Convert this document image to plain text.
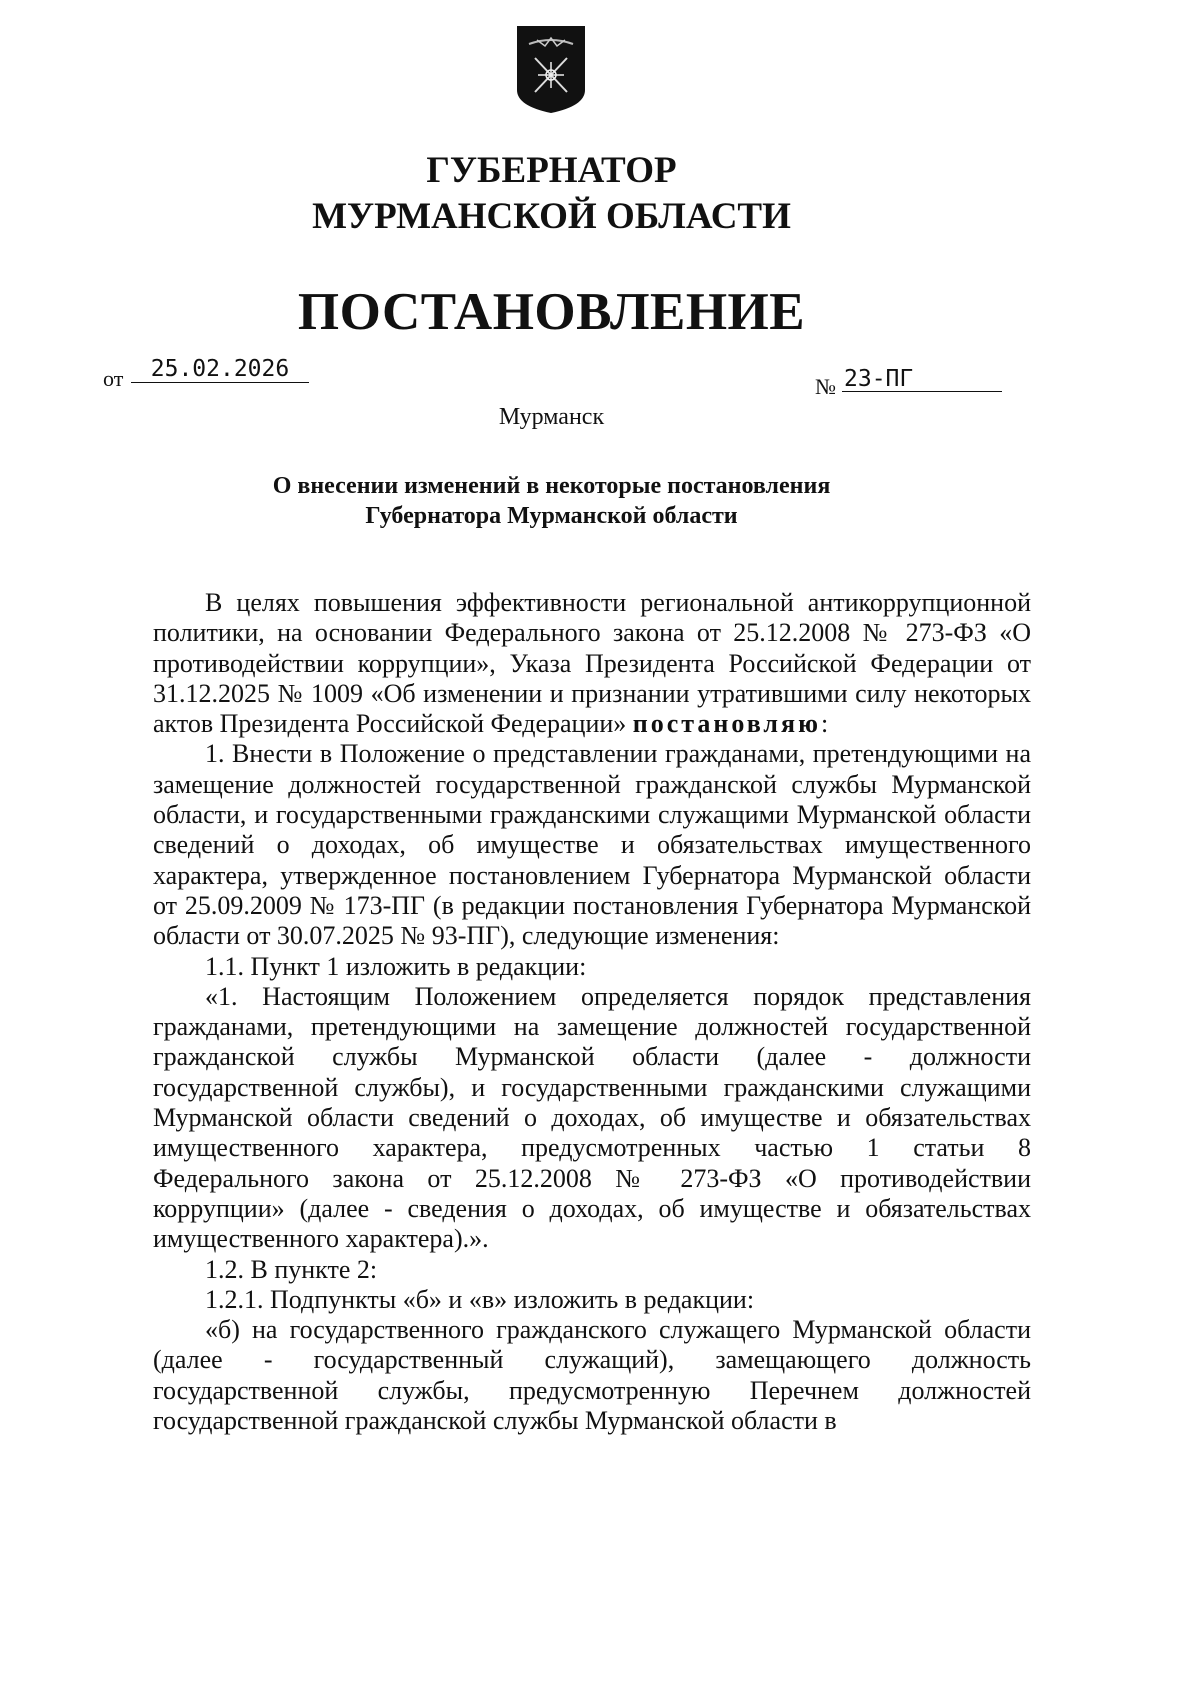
ГУБЕРНАТОР
МУРМАНСКОЙ ОБЛАСТИ
ПОСТАНОВЛЕНИЕ
от	25.02.2026
№ 23-ПГ
Мурманск
О внесении изменений в некоторые постановления
Губернатора Мурманской области

В целях повышения эффективности региональной антикоррупционной политики, на основании Федерального закона от 25.12.2008 № 273-ФЗ «О противодействии коррупции», Указа Президента Российской Федерации от 31.12.2025 № 1009 «Об изменении и признании утратившими силу некоторых актов Президента Российской Федерации» постановляю:

1. Внести в Положение о представлении гражданами, претендующими на замещение должностей государственной гражданской службы Мурманской области, и государственными гражданскими служащими Мурманской области сведений о доходах, об имуществе и обязательствах имущественного характера, утвержденное постановлением Губернатора Мурманской области от 25.09.2009 № 173-ПГ (в редакции постановления Губернатора Мурманской области от 30.07.2025 № 93-ПГ), следующие изменения:

1.1. Пункт 1 изложить в редакции:

«1. Настоящим Положением определяется порядок представления гражданами, претендующими на замещение должностей государственной гражданской службы Мурманской области (далее - должности государственной службы), и государственными гражданскими служащими Мурманской области сведений о доходах, об имуществе и обязательствах имущественного характера, предусмотренных частью 1 статьи 8 Федерального закона от 25.12.2008 № 273-ФЗ «О противодействии коррупции» (далее - сведения о доходах, об имуществе и обязательствах имущественного характера).».

1.2. В пункте 2:

1.2.1. Подпункты «б» и «в» изложить в редакции:

«б) на государственного гражданского служащего Мурманской области (далее - государственный служащий), замещающего должность государственной службы, предусмотренную Перечнем должностей государственной гражданской службы Мурманской области в
